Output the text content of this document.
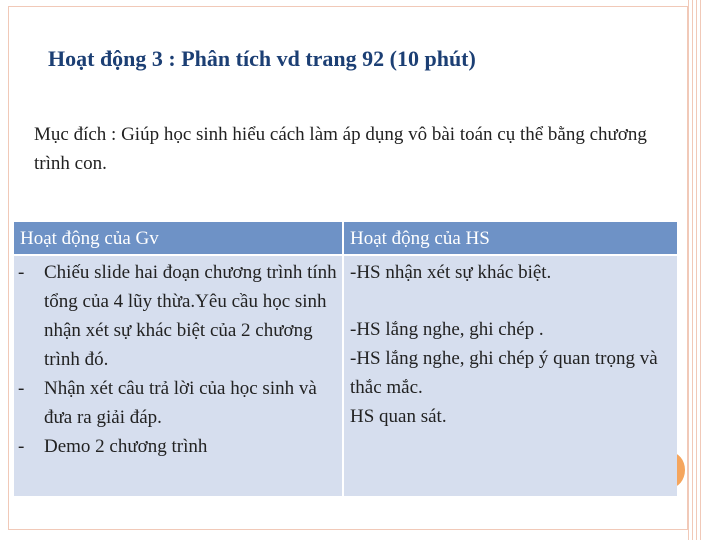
Hoạt động 3 : Phân tích vd trang 92 (10 phút)
Mục đích : Giúp học sinh hiểu cách làm áp dụng vô bài toán cụ thể bằng chương trình con.
Hoạt động của Gv	Hoạt động của HS
- Chiếu slide hai đoạn chương trình tính tổng của 4 lũy thừa.Yêu cầu học sinh nhận xét sự khác biệt của 2 chương trình đó.
- Nhận xét câu trả lời của học sinh và đưa ra giải đáp.
- Demo 2 chương trình
-HS nhận xét sự khác biệt.
-HS lắng nghe, ghi chép .
-HS lắng nghe, ghi chép ý quan trọng và thắc mắc.
HS quan sát.
